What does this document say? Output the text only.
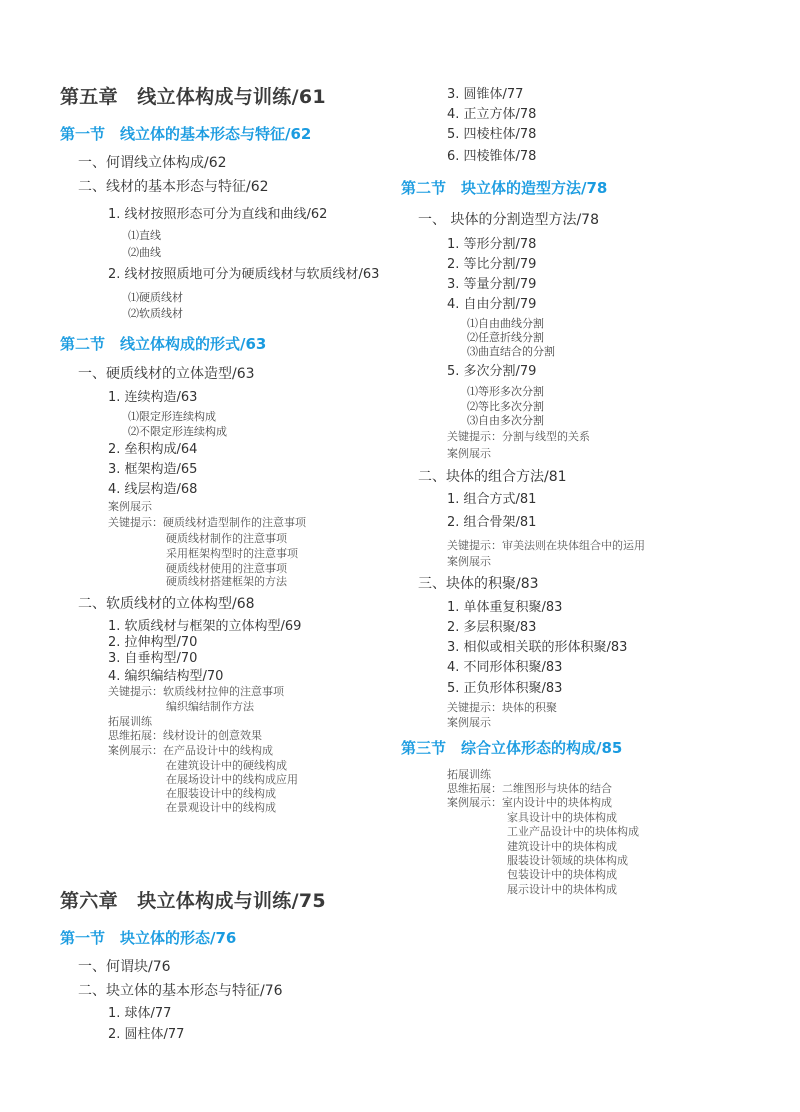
第五章　线立体构成与训练/61
第一节　线立体的基本形态与特征/62
一、何谓线立体构成/62
二、线材的基本形态与特征/62
1. 线材按照形态可分为直线和曲线/62
⑴直线
⑵曲线
2. 线材按照质地可分为硬质线材与软质线材/63
⑴硬质线材
⑵软质线材
第二节　线立体构成的形式/63
一、硬质线材的立体造型/63
1. 连续构造/63
⑴限定形连续构成
⑵不限定形连续构成
2. 垒积构成/64
3. 框架构造/65
4. 线层构造/68
案例展示
关键提示：硬质线材造型制作的注意事项
硬质线材制作的注意事项
采用框架构型时的注意事项
硬质线材使用的注意事项
硬质线材搭建框架的方法
二、软质线材的立体构型/68
1. 软质线材与框架的立体构型/69
2. 拉伸构型/70
3. 自垂构型/70
4. 编织编结构型/70
关键提示：软质线材拉伸的注意事项
编织编结制作方法
拓展训练
思维拓展：线材设计的创意效果
案例展示：在产品设计中的线构成
在建筑设计中的硬线构成
在展场设计中的线构成应用
在服装设计中的线构成
在景观设计中的线构成
第六章　块立体构成与训练/75
第一节　块立体的形态/76
一、何谓块/76
二、块立体的基本形态与特征/76
1. 球体/77
2. 圆柱体/77
3. 圆锥体/77
4. 正立方体/78
5. 四棱柱体/78
6. 四棱锥体/78
第二节　块立体的造型方法/78
一、 块体的分割造型方法/78
1. 等形分割/78
2. 等比分割/79
3. 等量分割/79
4. 自由分割/79
⑴自由曲线分割
⑵任意折线分割
⑶曲直结合的分割
5. 多次分割/79
⑴等形多次分割
⑵等比多次分割
⑶自由多次分割
关键提示：分割与线型的关系
案例展示
二、块体的组合方法/81
1. 组合方式/81
2. 组合骨架/81
关键提示：审美法则在块体组合中的运用
案例展示
三、块体的积聚/83
1. 单体重复积聚/83
2. 多层积聚/83
3. 相似或相关联的形体积聚/83
4. 不同形体积聚/83
5. 正负形体积聚/83
关键提示：块体的积聚
案例展示
第三节　综合立体形态的构成/85
拓展训练
思维拓展：二维图形与块体的结合
案例展示：室内设计中的块体构成
家具设计中的块体构成
工业产品设计中的块体构成
建筑设计中的块体构成
服装设计领域的块体构成
包装设计中的块体构成
展示设计中的块体构成
